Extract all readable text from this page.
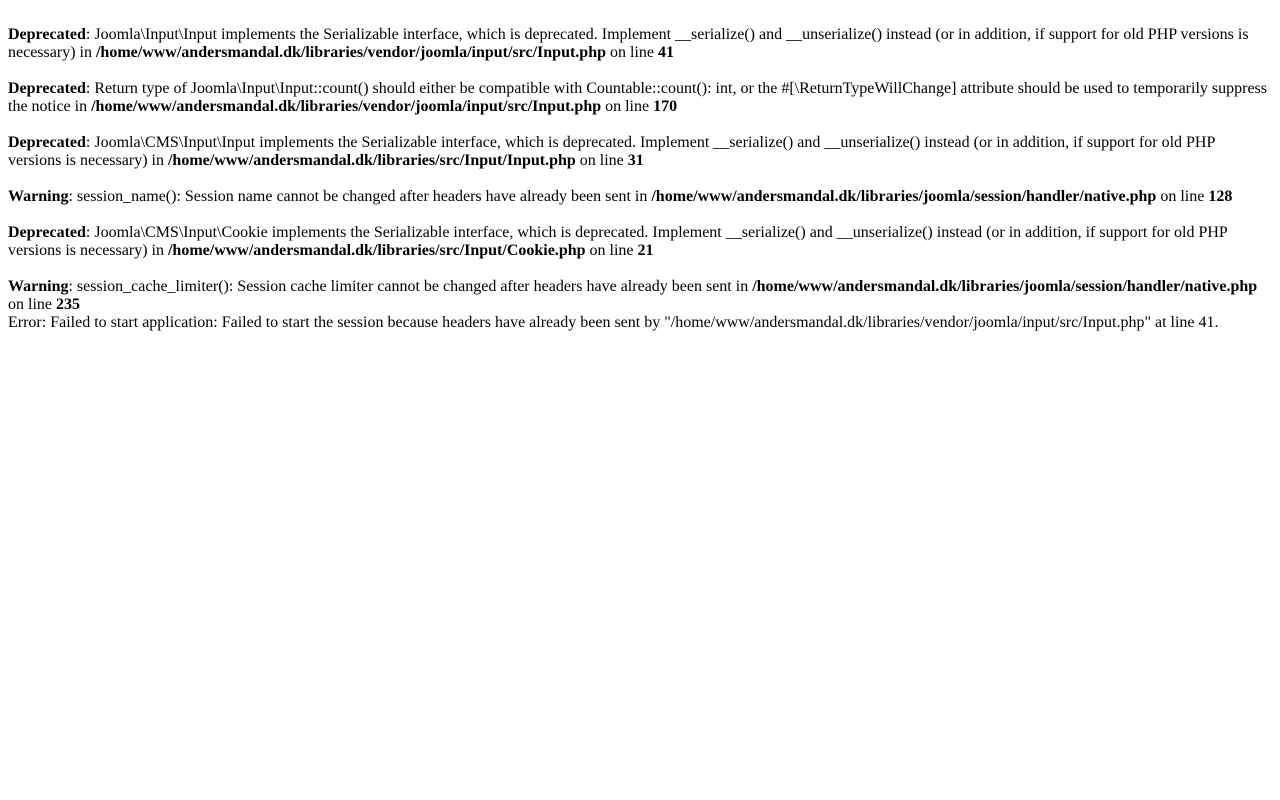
Deprecated: Joomla\Input\Input implements the Serializable interface, which is deprecated. Implement __serialize() and __unserialize() instead (or in addition, if support for old PHP versions is necessary) in /home/www/andersmandal.dk/libraries/vendor/joomla/input/src/Input.php on line 41
Deprecated: Return type of Joomla\Input\Input::count() should either be compatible with Countable::count(): int, or the #[\ReturnTypeWillChange] attribute should be used to temporarily suppress the notice in /home/www/andersmandal.dk/libraries/vendor/joomla/input/src/Input.php on line 170
Deprecated: Joomla\CMS\Input\Input implements the Serializable interface, which is deprecated. Implement __serialize() and __unserialize() instead (or in addition, if support for old PHP versions is necessary) in /home/www/andersmandal.dk/libraries/src/Input/Input.php on line 31
Warning: session_name(): Session name cannot be changed after headers have already been sent in /home/www/andersmandal.dk/libraries/joomla/session/handler/native.php on line 128
Deprecated: Joomla\CMS\Input\Cookie implements the Serializable interface, which is deprecated. Implement __serialize() and __unserialize() instead (or in addition, if support for old PHP versions is necessary) in /home/www/andersmandal.dk/libraries/src/Input/Cookie.php on line 21
Warning: session_cache_limiter(): Session cache limiter cannot be changed after headers have already been sent in /home/www/andersmandal.dk/libraries/joomla/session/handler/native.php on line 235
Error: Failed to start application: Failed to start the session because headers have already been sent by "/home/www/andersmandal.dk/libraries/vendor/joomla/input/src/Input.php" at line 41.
